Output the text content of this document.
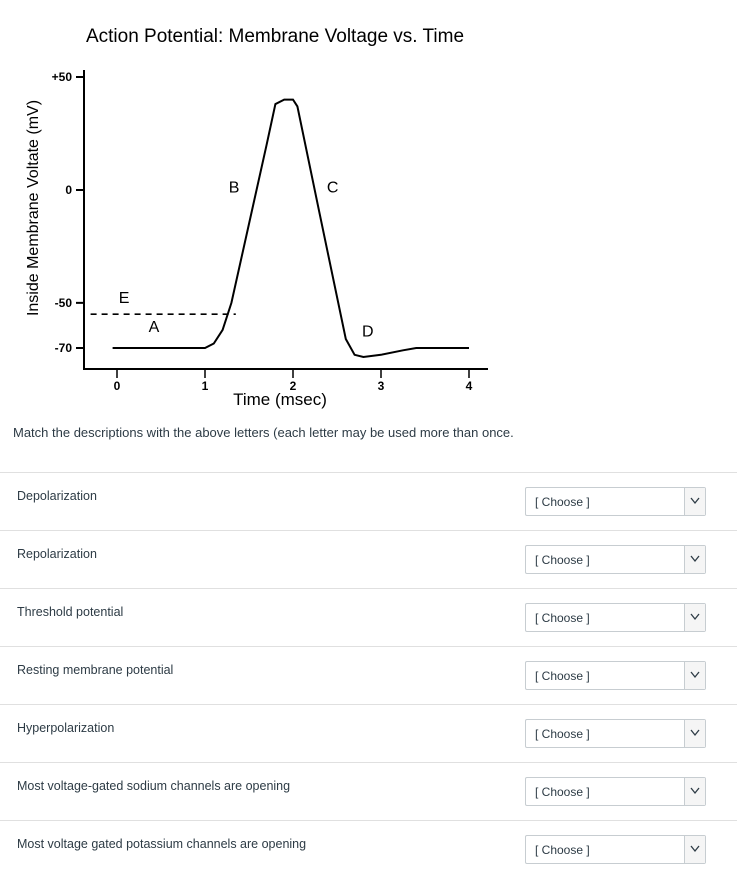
Action Potential: Membrane Voltage vs. Time
Inside Membrane Voltate (mV)
+50
0
-50
-70
0	1	2	3	4
A
B	C
D
E
Time (msec)
Match the descriptions with the above letters (each letter may be used more than once.
Depolarization	[ Choose ]
Repolarization	[ Choose ]
Threshold potential	[ Choose ]
Resting membrane potential	[ Choose ]
Hyperpolarization	[ Choose ]
Most voltage-gated sodium channels are opening	[ Choose ]
Most voltage gated potassium channels are opening	[ Choose ]
